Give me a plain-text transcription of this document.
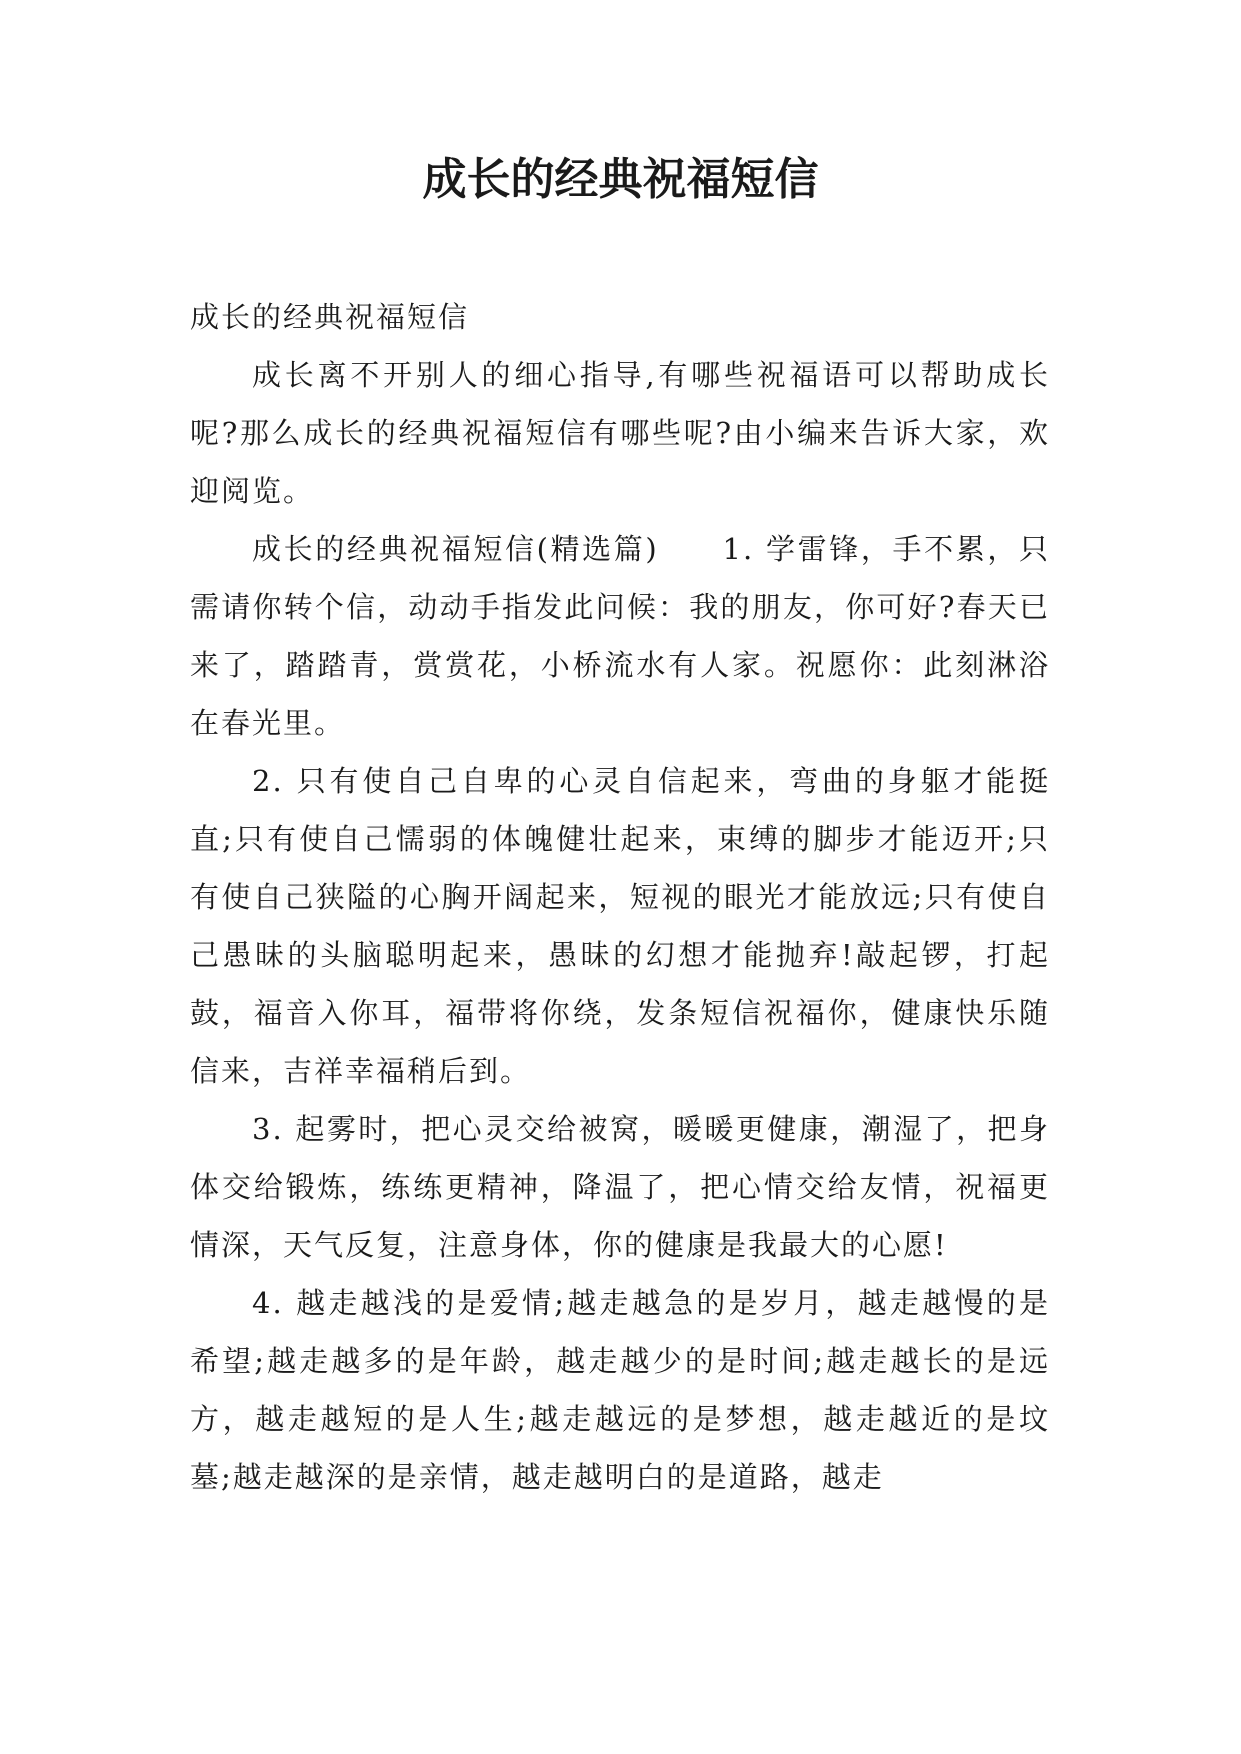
成长的经典祝福短信

成长的经典祝福短信

成长离不开别人的细心指导,有哪些祝福语可以帮助成长呢?那么成长的经典祝福短信有哪些呢?由小编来告诉大家，欢迎阅览。

成长的经典祝福短信(精选篇)　　1. 学雷锋，手不累，只需请你转个信，动动手指发此问候：我的朋友，你可好?春天已来了，踏踏青，赏赏花，小桥流水有人家。祝愿你：此刻淋浴在春光里。

2. 只有使自己自卑的心灵自信起来，弯曲的身躯才能挺直;只有使自己懦弱的体魄健壮起来，束缚的脚步才能迈开;只有使自己狭隘的心胸开阔起来，短视的眼光才能放远;只有使自己愚昧的头脑聪明起来，愚昧的幻想才能抛弃!敲起锣，打起鼓，福音入你耳，福带将你绕，发条短信祝福你，健康快乐随信来，吉祥幸福稍后到。

3. 起雾时，把心灵交给被窝，暖暖更健康，潮湿了，把身体交给锻炼，练练更精神，降温了，把心情交给友情，祝福更情深，天气反复，注意身体，你的健康是我最大的心愿!

4. 越走越浅的是爱情;越走越急的是岁月，越走越慢的是希望;越走越多的是年龄，越走越少的是时间;越走越长的是远方，越走越短的是人生;越走越远的是梦想，越走越近的是坟墓;越走越深的是亲情，越走越明白的是道路，越走
